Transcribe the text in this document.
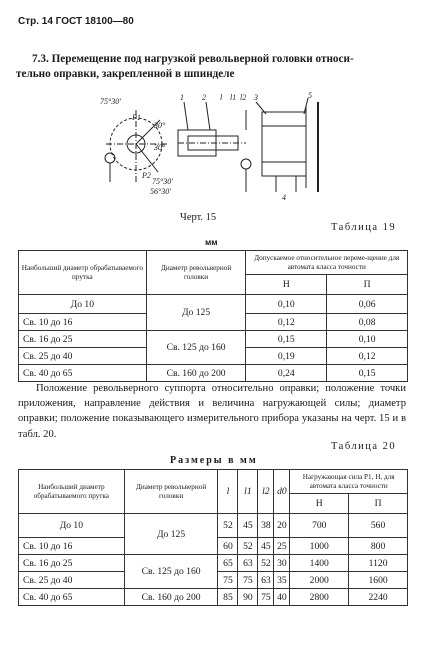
Стр. 14 ГОСТ 18100—80
7.3. Перемещение под нагрузкой револьверной головки относи-
тельно оправки, закрепленной в шпинделе
75°30'
30°
30°
75°30'
56°30'
P1
P2
1 2	3
4
5
l l1 l2
Черт. 15
Таблица 19
мм
Наибольший диаметр обрабатываемого прутка	Диаметр револьверной головки	Допускаемое относительное переме-щение для автомата класса точности	
		Н	П
До 10	До 125	0,10	0,06
Св. 10 до 16		0,12	0,08
Св. 16 до 25	Св. 125 до 160	0,15	0,10
Св. 25 до 40		0,19	0,12
Св. 40 до 65	Св. 160 до 200	0,24	0,15
Положение револьверного суппорта относительно оправки; положение точки приложения, направление действия и величина нагружающей силы; диаметр оправки; положение показывающего измерительного прибора указаны на черт. 15 и в табл. 20.
Таблица 20
Размеры в мм
Наибольший диаметр обрабатываемого прутка	Диаметр револьверной головки	l	l1	l2	d0	Нагружающая сила P1, Н, для автомата класса точности	
						Н	П
До 10	До 125	52	45	38	20	700	560
Св. 10 до 16		60	52	45	25	1000	800
Св. 16 до 25	Св. 125 до 160	65	63	52	30	1400	1120
Св. 25 до 40		75	75	63	35	2000	1600
Св. 40 до 65	Св. 160 до 200	85	90	75	40	2800	2240
